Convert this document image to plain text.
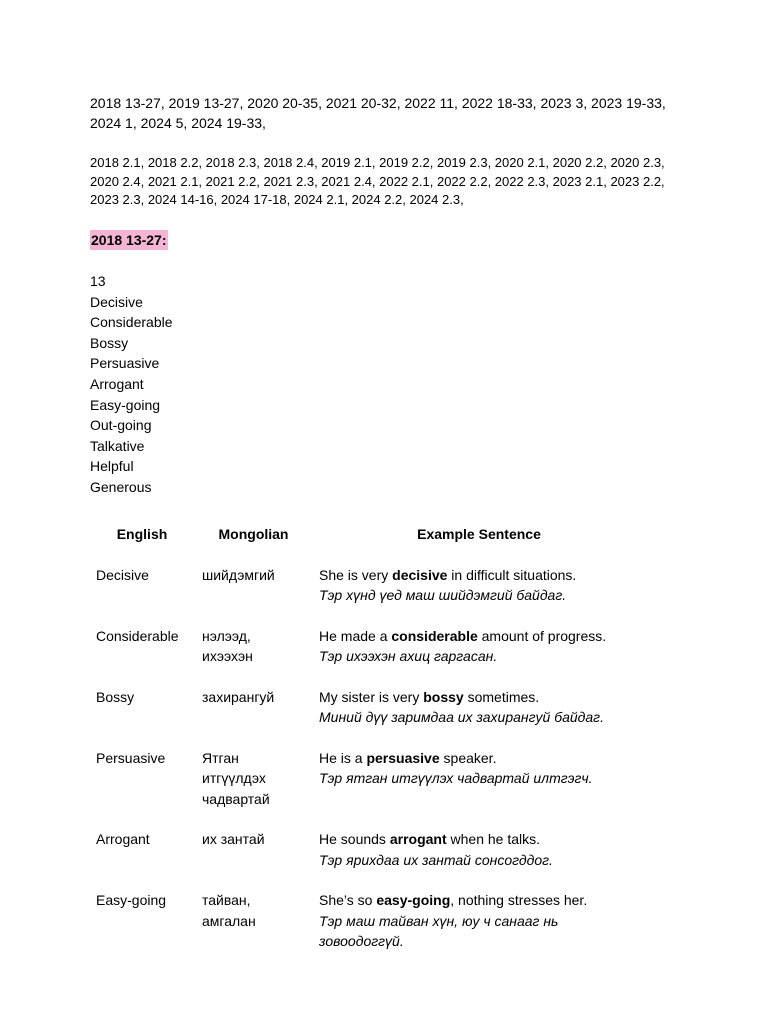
2018 13-27, 2019 13-27, 2020 20-35, 2021 20-32, 2022 11, 2022 18-33, 2023 3, 2023 19-33, 2024 1, 2024 5, 2024 19-33,

2018 2.1, 2018 2.2, 2018 2.3, 2018 2.4, 2019 2.1, 2019 2.2, 2019 2.3, 2020 2.1, 2020 2.2, 2020 2.3, 2020 2.4, 2021 2.1, 2021 2.2, 2021 2.3, 2021 2.4, 2022 2.1, 2022 2.2, 2022 2.3, 2023 2.1, 2023 2.2, 2023 2.3, 2024 14-16, 2024 17-18, 2024 2.1, 2024 2.2, 2024 2.3,

2018 13-27:
13
Decisive
Considerable
Bossy
Persuasive
Arrogant
Easy-going
Out-going
Talkative
Helpful
Generous
English	Mongolian	Example Sentence
Decisive	шийдэмгий	She is very decisive in difficult situations.
Тэр хүнд үед маш шийдэмгий байдаг.

Considerable	нэлээд,
ихээхэн	He made a considerable amount of progress.
Тэр ихээхэн ахиц гаргасан.

Bossy	захирангуй	My sister is very bossy sometimes.
Миний дүү заримдаа их захирангуй байдаг.

Persuasive	Ятган
итгүүлдэх
чадвартай	He is a persuasive speaker.
Тэр ятган итгүүлэх чадвартай илтгэгч.

Arrogant	их зантай	He sounds arrogant when he talks.
Тэр ярихдаа их зантай сонсогддог.

Easy-going	тайван,
амгалан	She’s so easy-going, nothing stresses her.
Тэр маш тайван хүн, юу ч санааг нь зовоодоггүй.
